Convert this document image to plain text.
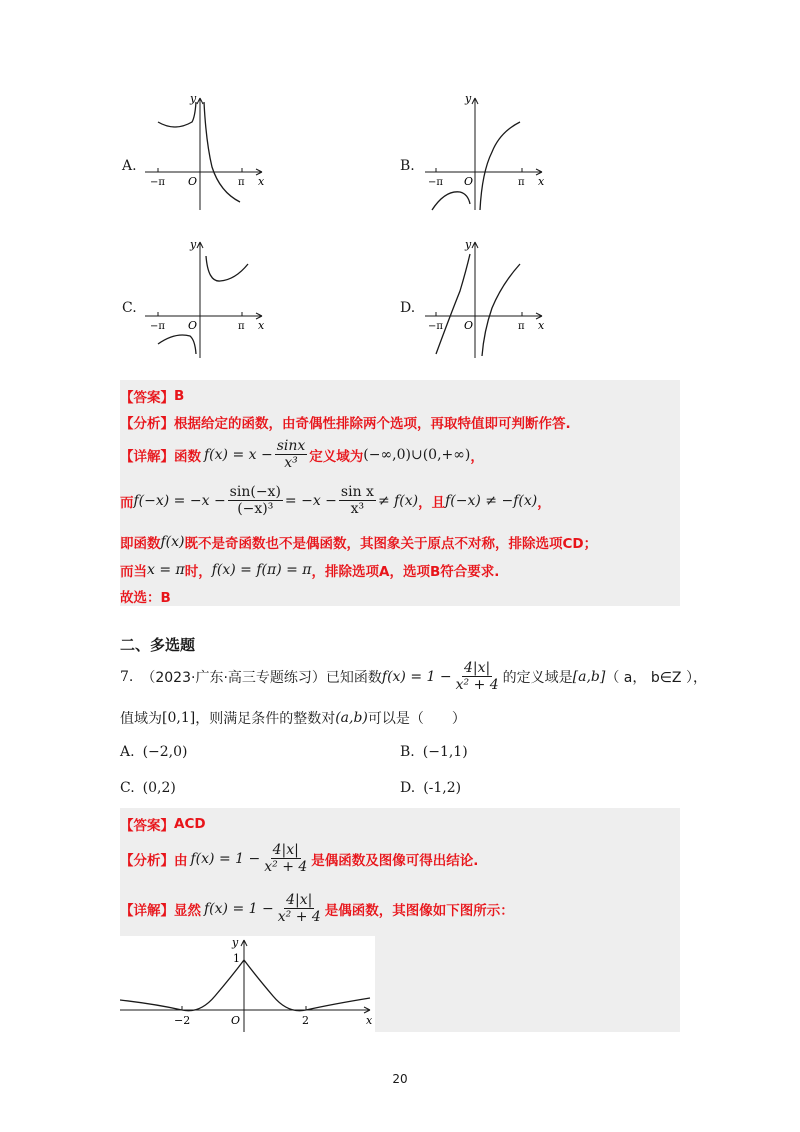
A.	B.
C.	D.
y
x
O
−π	π
y
x
O
−π	π
y
x
O
−π	π
y
x
O
−π	π
【答案】 B
【分析】 根据给定的函数，由奇偶性排除两个选项，再取特值即可判断作答.
【详解】 函数 $f(x) = x - \frac{\sin x}{\text{x³}}$ 定义域为 (−∞,0)∪(0,+∞) ，
而 $f(-x) = -x - \frac{\sin(-x)}{\text{(−x)³}} = -x - \frac{\text{sin x}}{\text{x³}} \ne f(x)$ ，且 f(−x) ≠ −f(x) ，
即函数 f(x) 既不是奇函数也不是偶函数，其图象关于原点不对称，排除选项CD；
而当 x = π 时， f(x) = f(π) = π ，排除选项A，选项B符合要求.
故选：B
二、多选题
7. （2023·广东·高三专题练习）已知函数 $f(x) = 1 - \frac{4|x|}{\text{x² + 4}}$ 的定义域是 [a,b] （ a， b∈Z ），
值域为 [0,1] ，则满足条件的整数对 (a,b) 可以是（　　）
A. (−2,0)	B. (−1,1)
C. (0,2)	D. (-1,2)
【答案】 ACD
【分析】 由 $f(x) = 1 - \frac{4|x|}{\text{x² + 4}}$ 是偶函数及图像可得出结论.
【详解】 显然 $f(x) = 1 - \frac{4|x|}{\text{x² + 4}}$ 是偶函数，其图像如下图所示：
y
1
x
O
−2	2
20
